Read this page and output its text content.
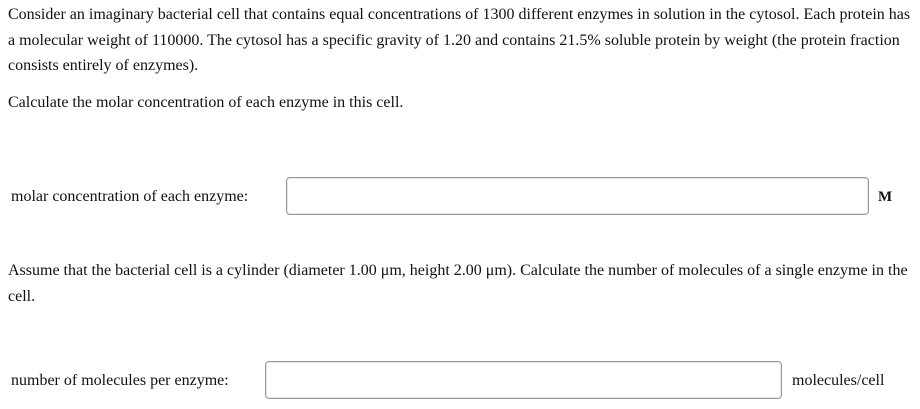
Consider an imaginary bacterial cell that contains equal concentrations of 1300 different enzymes in solution in the cytosol. Each protein has a molecular weight of 110000. The cytosol has a specific gravity of 1.20 and contains 21.5% soluble protein by weight (the protein fraction consists entirely of enzymes).

Calculate the molar concentration of each enzyme in this cell.

molar concentration of each enzyme:	M

Assume that the bacterial cell is a cylinder (diameter 1.00 μm, height 2.00 μm). Calculate the number of molecules of a single enzyme in the cell.

number of molecules per enzyme:	molecules/cell
